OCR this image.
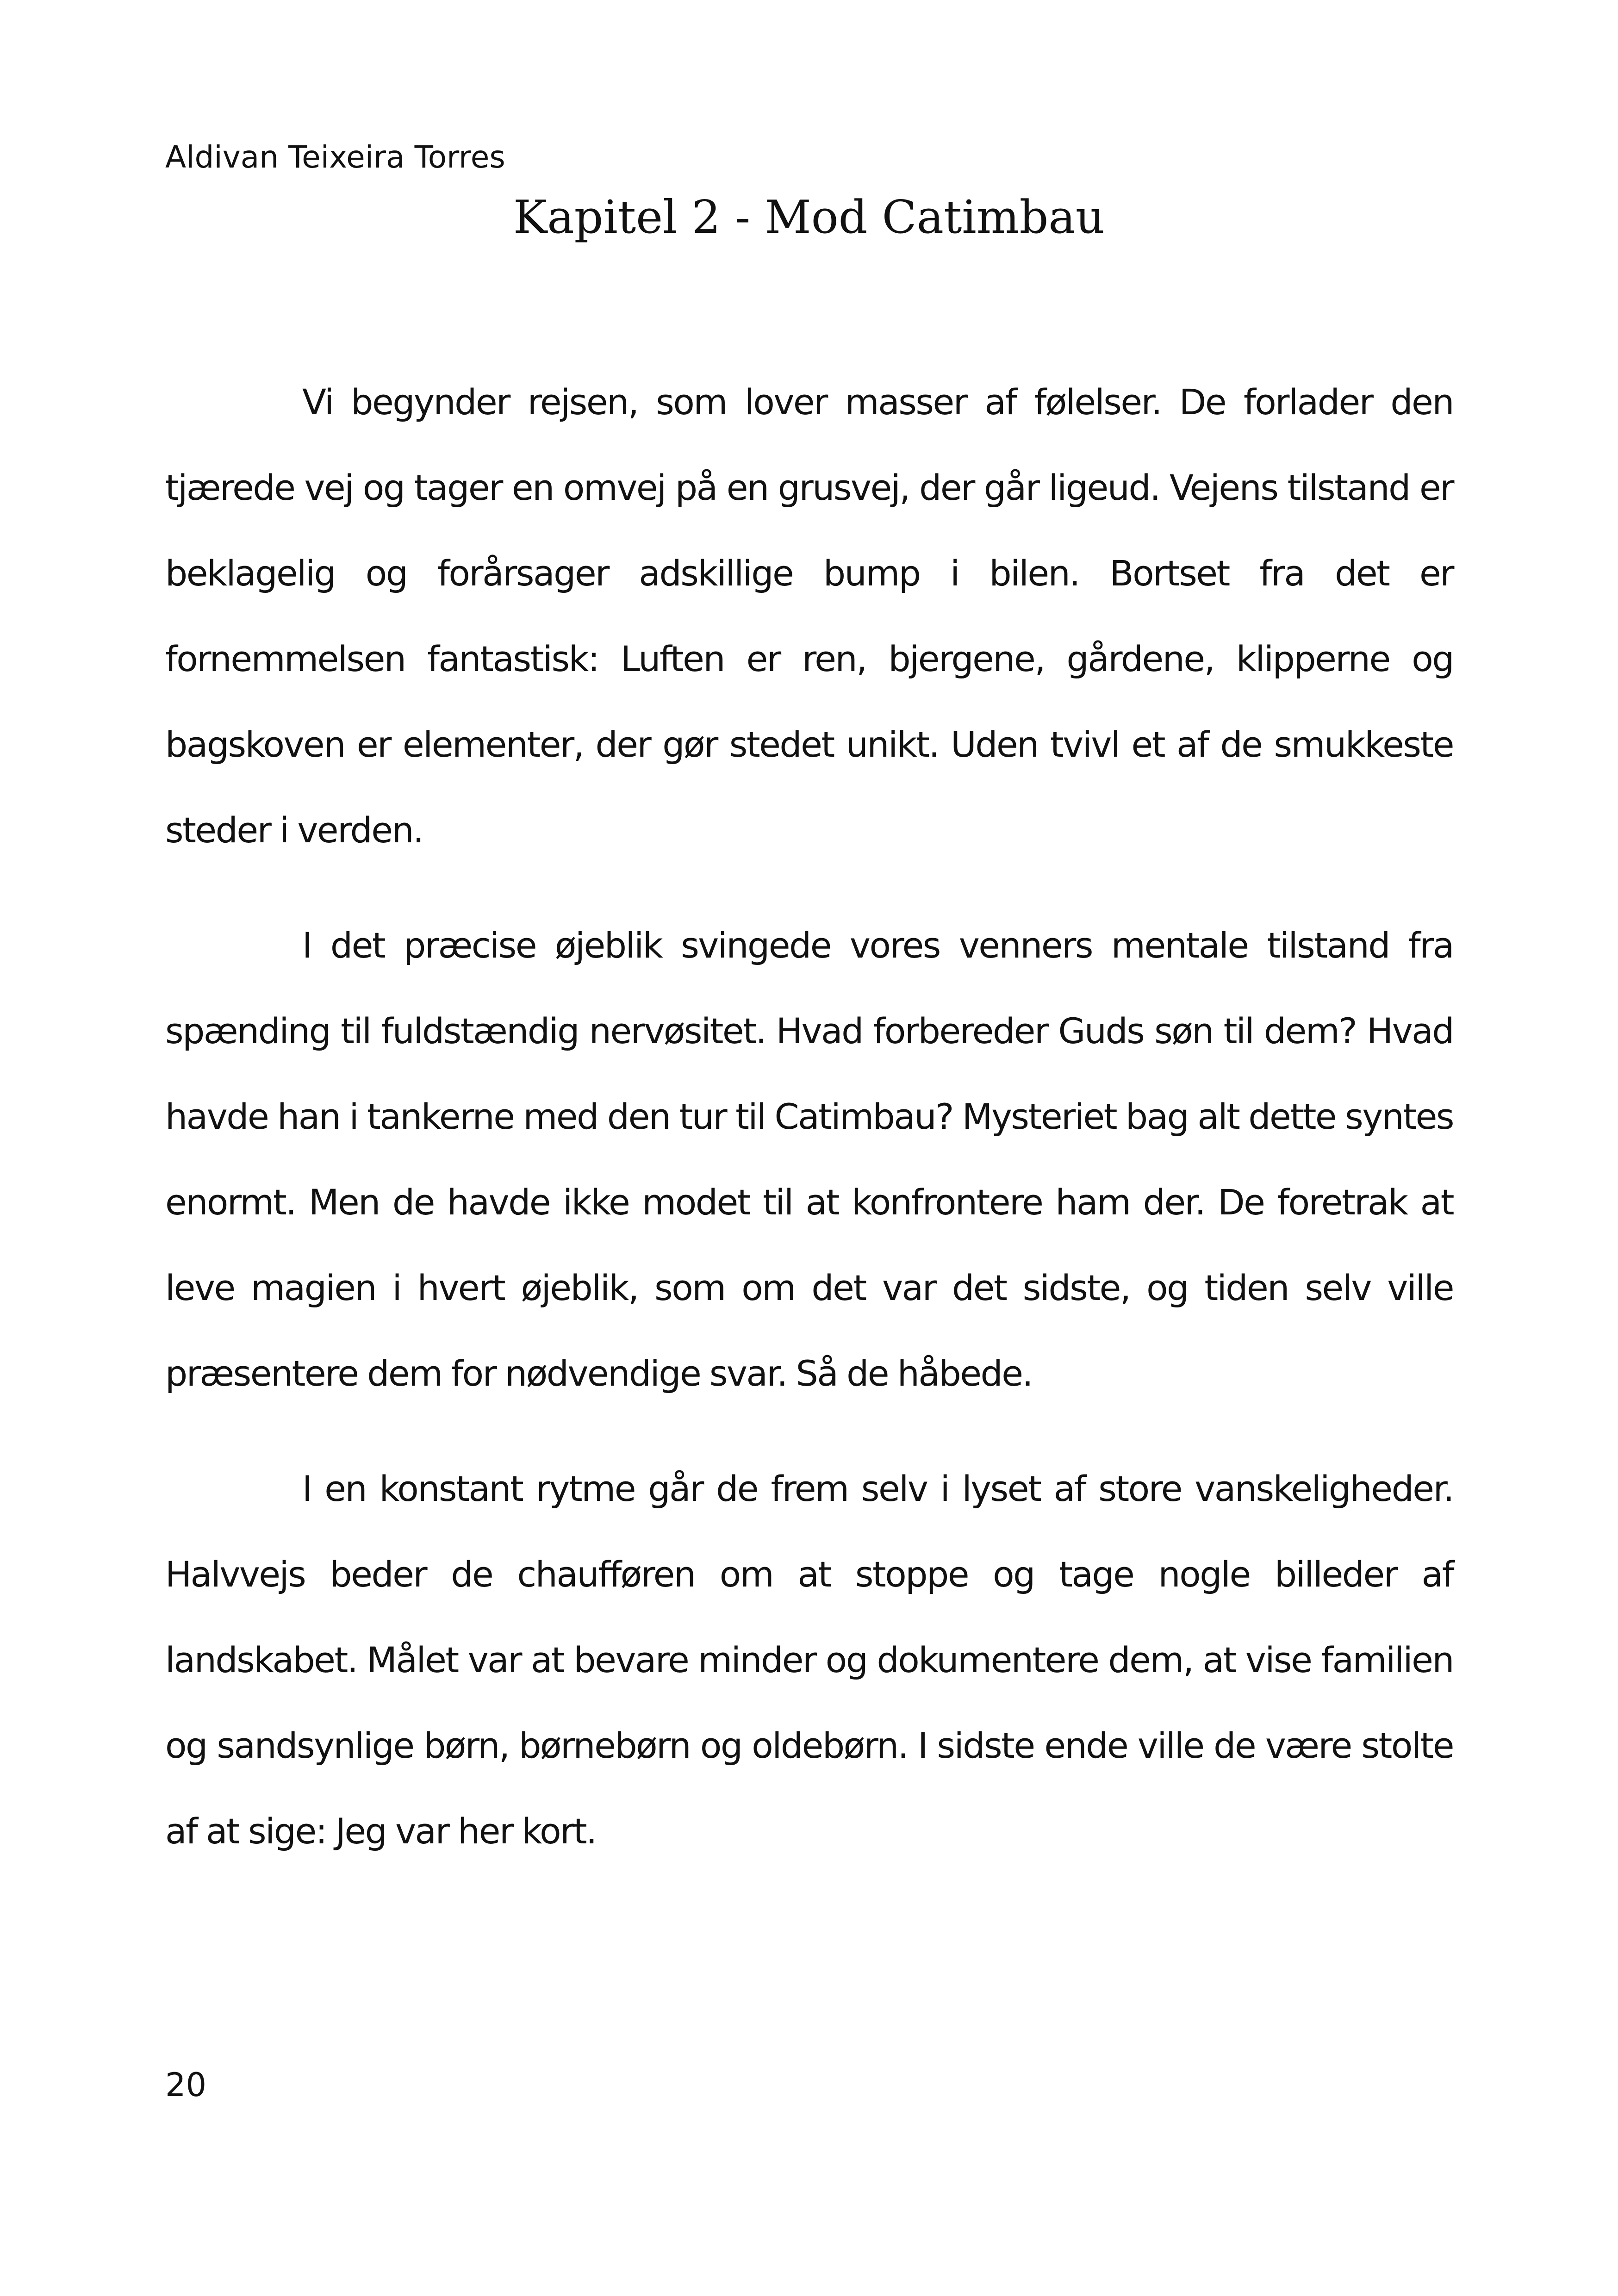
Aldivan Teixeira Torres
Kapitel 2 - Mod Catimbau

Vi begynder rejsen, som lover masser af følelser. De forlader den tjærede vej og tager en omvej på en grusvej, der går ligeud. Vejens tilstand er beklagelig og forårsager adskillige bump i bilen. Bortset fra det er fornemmelsen fantastisk: Luften er ren, bjergene, gårdene, klipperne og bagskoven er elementer, der gør stedet unikt. Uden tvivl et af de smukkeste steder i verden.

I det præcise øjeblik svingede vores venners mentale tilstand fra spænding til fuldstændig nervøsitet. Hvad forbereder Guds søn til dem? Hvad havde han i tankerne med den tur til Catimbau? Mysteriet bag alt dette syntes enormt. Men de havde ikke modet til at konfrontere ham der. De foretrak at leve magien i hvert øjeblik, som om det var det sidste, og tiden selv ville præsentere dem for nødvendige svar. Så de håbede.

I en konstant rytme går de frem selv i lyset af store vanskeligheder. Halvvejs beder de chaufføren om at stoppe og tage nogle billeder af landskabet. Målet var at bevare minder og dokumentere dem, at vise familien og sandsynlige børn, børnebørn og oldebørn. I sidste ende ville de være stolte af at sige: Jeg var her kort.

20
